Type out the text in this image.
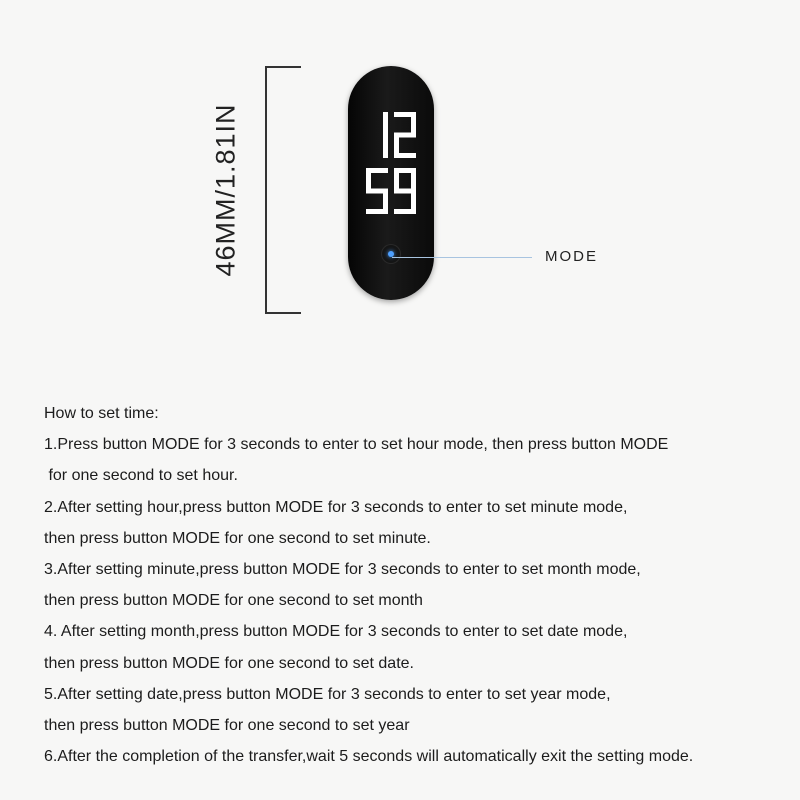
46MM/1.81IN	MODE
How to set time:
1.Press button MODE for 3 seconds to enter to set hour mode, then press button MODE
for one second to set hour.
2.After setting hour,press button MODE for 3 seconds to enter to set minute mode,
then press button MODE for one second to set minute.
3.After setting minute,press button MODE for 3 seconds to enter to set month mode,
then press button MODE for one second to set month
4. After setting month,press button MODE for 3 seconds to enter to set date mode,
then press button MODE for one second to set date.
5.After setting date,press button MODE for 3 seconds to enter to set year mode,
then press button MODE for one second to set year
6.After the completion of the transfer,wait 5 seconds will automatically exit the setting mode.
